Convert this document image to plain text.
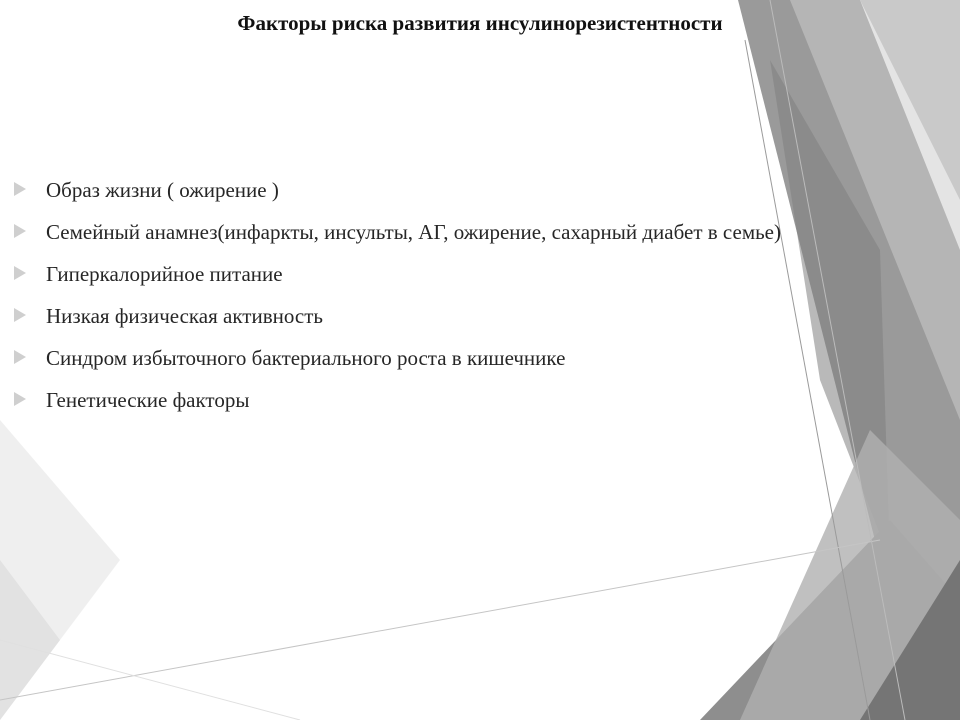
Факторы риска развития инсулинорезистентности
Образ жизни ( ожирение )
Семейный анамнез(инфаркты, инсульты, АГ, ожирение, сахарный диабет в семье)
Гиперкалорийное питание
Низкая физическая активность
Синдром избыточного бактериального роста в кишечнике
Генетические факторы
